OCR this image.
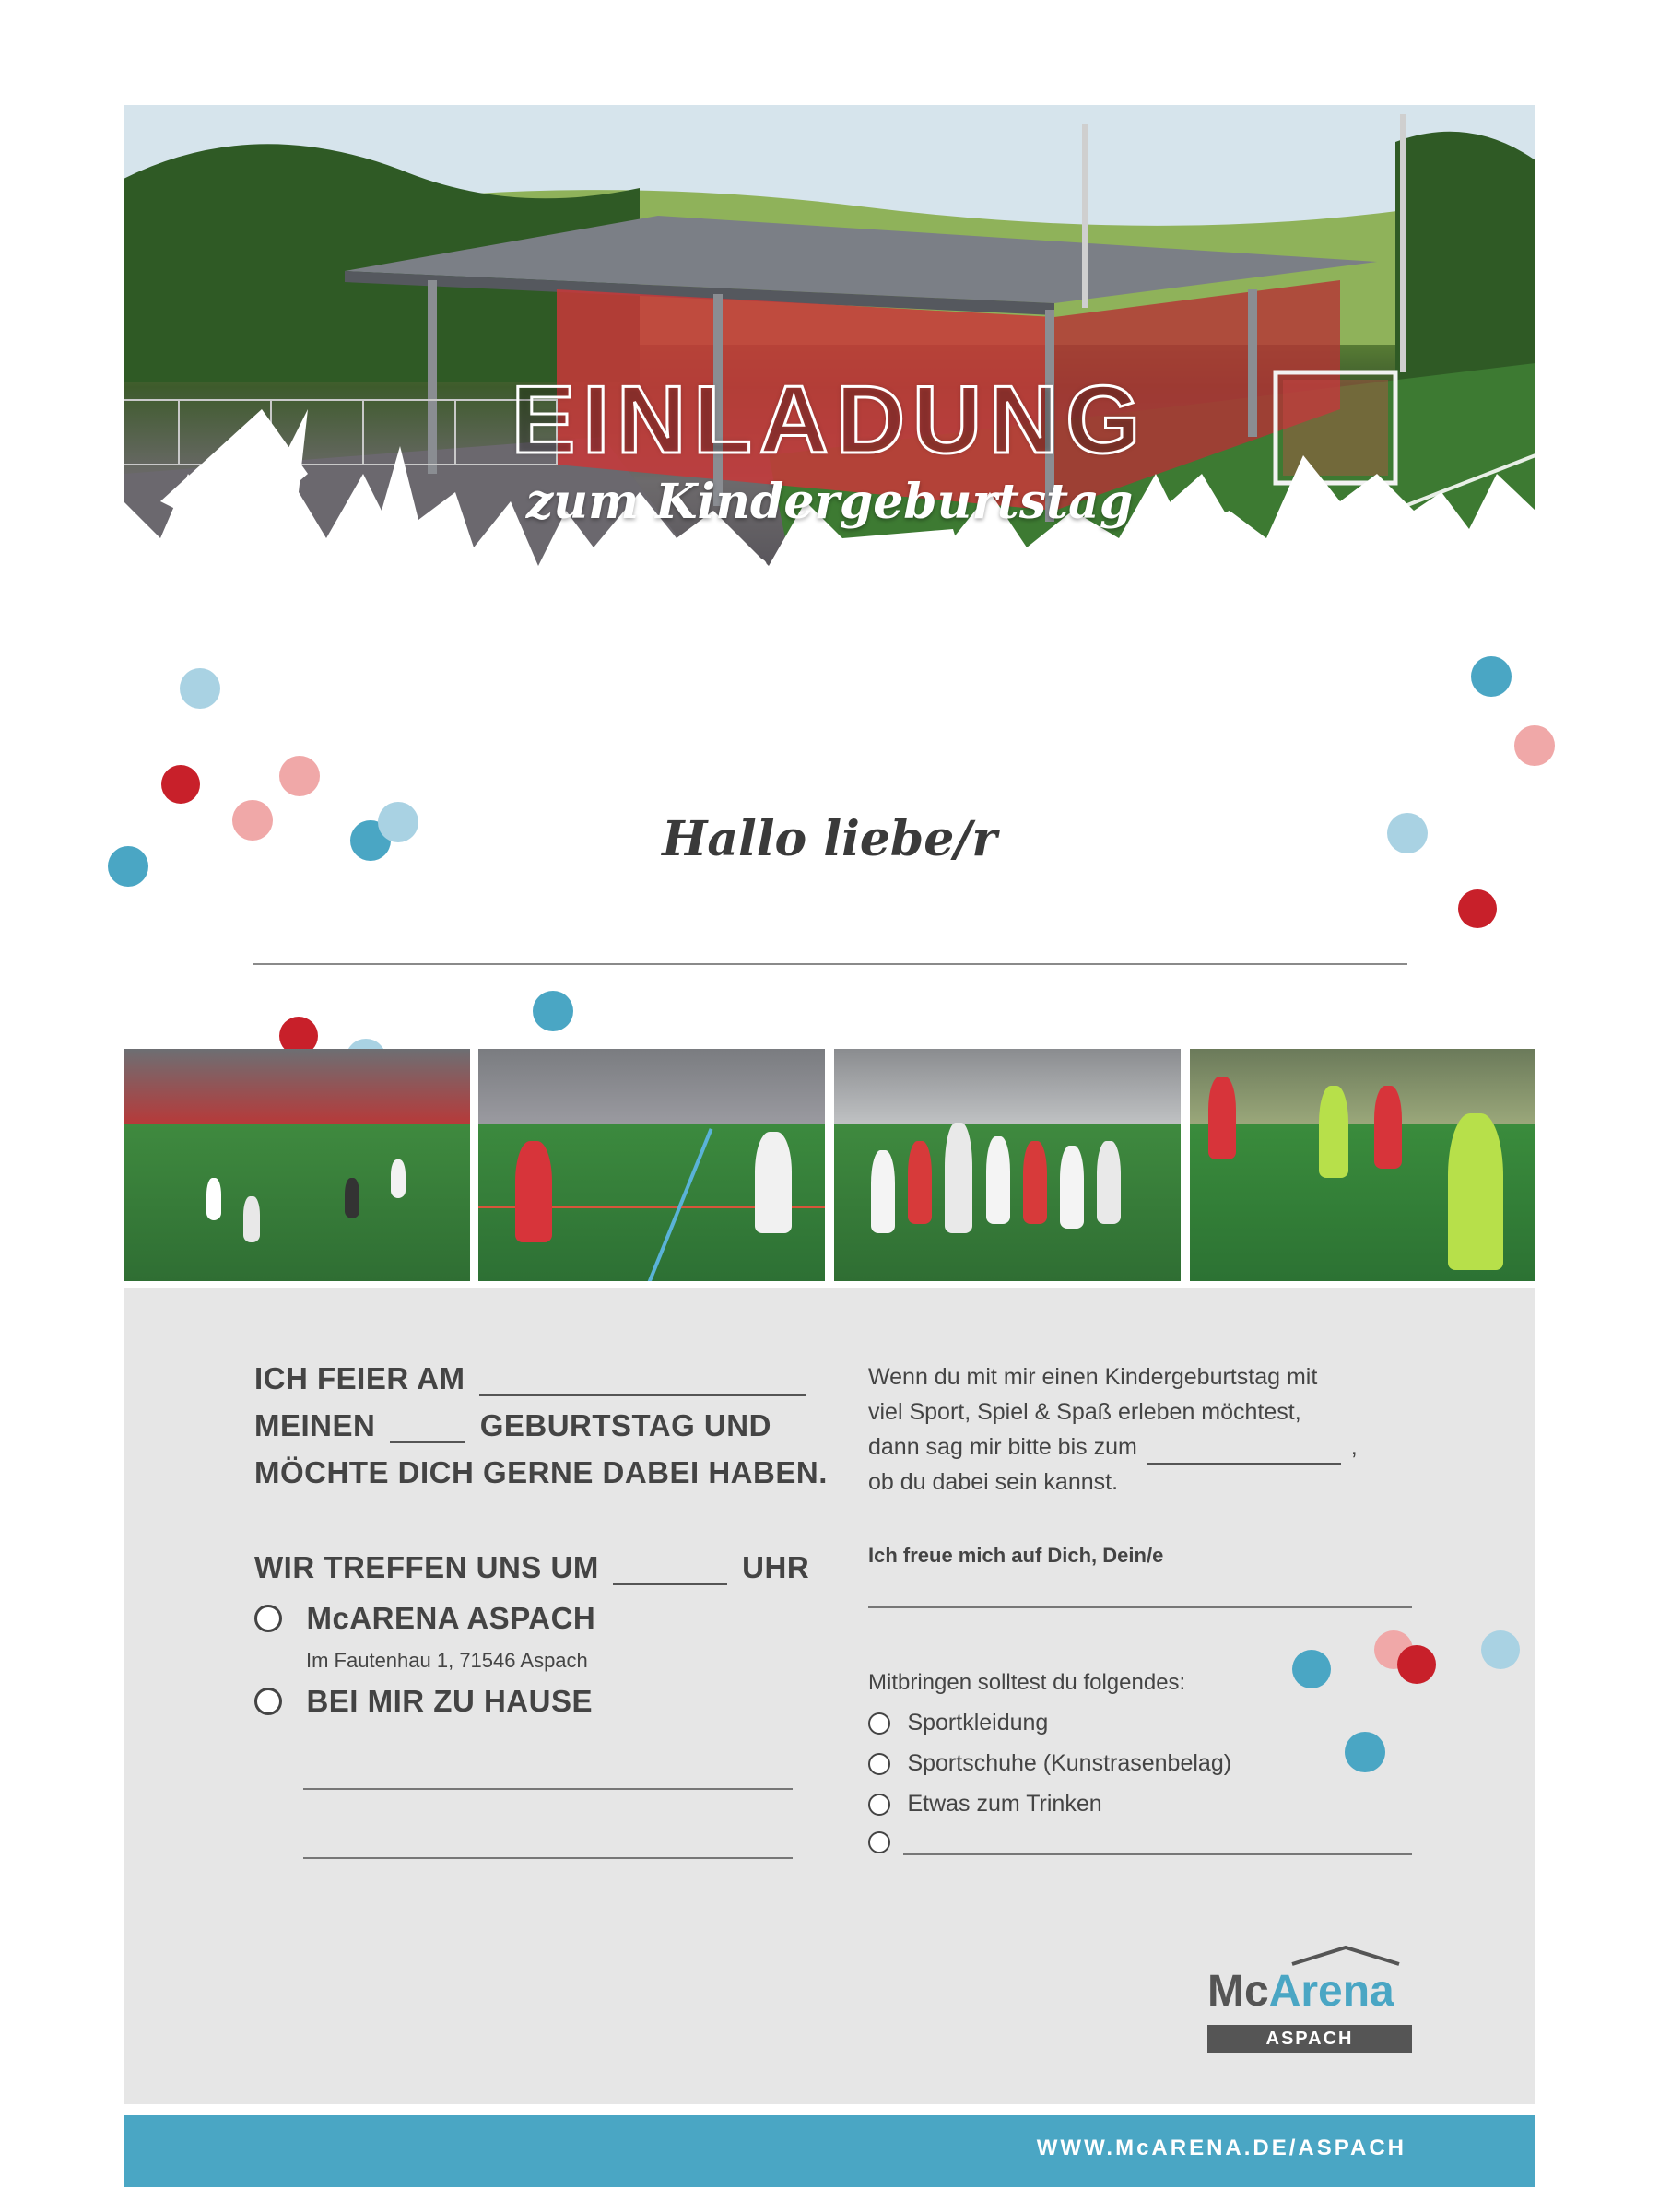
EINLADUNG
zum Kindergeburtstag
Hallo liebe/r
ICH FEIER AM
MEINEN	GEBURTSTAG UND
MÖCHTE DICH GERNE DABEI HABEN.
WIR TREFFEN UNS UM	UHR
McARENA ASPACH
Im Fautenhau 1, 71546 Aspach
BEI MIR ZU HAUSE
Wenn du mit mir einen Kindergeburtstag mit
viel Sport, Spiel & Spaß erleben möchtest,
dann sag mir bitte bis zum	,
ob du dabei sein kannst.
Ich freue mich auf Dich, Dein/e
Mitbringen solltest du folgendes:
Sportkleidung
Sportschuhe (Kunstrasenbelag)
Etwas zum Trinken
McArena
ASPACH
WWW.McARENA.DE/ASPACH
